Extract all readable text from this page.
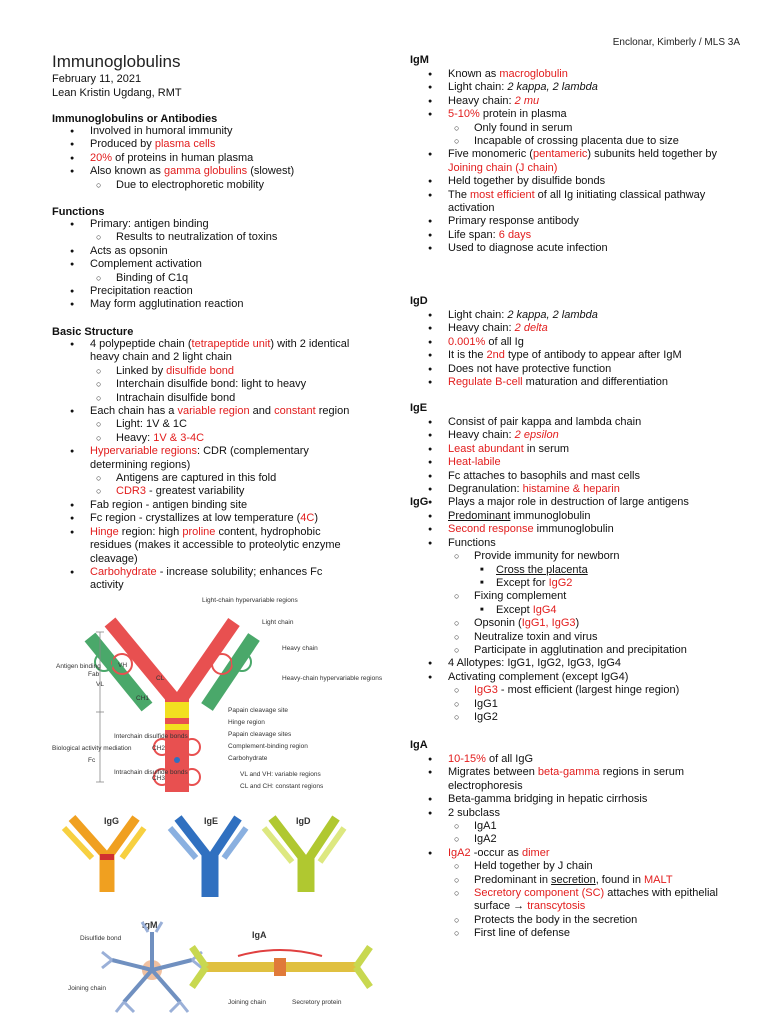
Enclonar, Kimberly / MLS 3A
Immunoglobulins
February 11, 2021
Lean Kristin Ugdang, RMT
Immunoglobulins or Antibodies
● Involved in humoral immunity
● Produced by plasma cells
● 20% of proteins in human plasma
● Also known as gamma globulins (slowest)
○ Due to electrophoretic mobility
Functions
● Primary: antigen binding
○ Results to neutralization of toxins
● Acts as opsonin
● Complement activation
○ Binding of C1q
● Precipitation reaction
● May form agglutination reaction
Basic Structure
● 4 polypeptide chain (tetrapeptide unit) with 2 identical heavy chain and 2 light chain
○ Linked by disulfide bond
○ Interchain disulfide bond: light to heavy
○ Intrachain disulfide bond
● Each chain has a variable region and constant region
○ Light: 1V & 1C
○ Heavy: 1V & 3-4C
● Hypervariable regions: CDR (complementary determining regions)
○ Antigens are captured in this fold
○ CDR3 - greatest variability
● Fab region - antigen binding site
● Fc region - crystallizes at low temperature (4C)
● Hinge region: high proline content, hydrophobic residues (makes it accessible to proteolytic enzyme cleavage)
● Carbohydrate - increase solubility; enhances Fc activity
VH
VL
CL
CH1
CH2
CH3
Antigen binding
Fab
Fc
Biological activity mediation
Interchain disulfide bonds
Intrachain disulfide bonds
Light-chain hypervariable regions
Light chain
Heavy chain
Heavy-chain hypervariable regions
Papain cleavage site
Hinge region
Papain cleavage sites
Complement-binding region
Carbohydrate
VL and VH: variable regions
CL and CH: constant regions
IgG	IgE	IgD
IgM
Disulfide bond
Joining chain
IgA
Joining chain	Secretory protein
IgM
● Known as macroglobulin
● Light chain: 2 kappa, 2 lambda
● Heavy chain: 2 mu
● 5-10% protein in plasma
○ Only found in serum
○ Incapable of crossing placenta due to size
● Five monomeric (pentameric) subunits held together by Joining chain (J chain)
● Held together by disulfide bonds
● The most efficient of all Ig initiating classical pathway activation
● Primary response antibody
● Life span: 6 days
● Used to diagnose acute infection
IgD
● Light chain: 2 kappa, 2 lambda
● Heavy chain: 2 delta
● 0.001% of all Ig
● It is the 2nd type of antibody to appear after IgM
● Does not have protective function
● Regulate B-cell maturation and differentiation
IgE
● Consist of pair kappa and lambda chain
● Heavy chain: 2 epsilon
● Least abundant in serum
● Heat-labile
● Fc attaches to basophils and mast cells
● Degranulation: histamine & heparin
● Plays a major role in destruction of large antigens
IgG
● Predominant immunoglobulin
● Second response immunoglobulin
● Functions
○ Provide immunity for newborn
■ Cross the placenta
■ Except for IgG2
○ Fixing complement
■ Except IgG4
○ Opsonin (IgG1, IgG3)
○ Neutralize toxin and virus
○ Participate in agglutination and precipitation
● 4 Allotypes: IgG1, IgG2, IgG3, IgG4
● Activating complement (except IgG4)
○ IgG3 - most efficient (largest hinge region)
○ IgG1
○ IgG2
IgA
● 10-15% of all IgG
● Migrates between beta-gamma regions in serum electrophoresis
● Beta-gamma bridging in hepatic cirrhosis
● 2 subclass
○ IgA1
○ IgA2
● IgA2 -occur as dimer
○ Held together by J chain
○ Predominant in secretion, found in MALT
○ Secretory component (SC) attaches with epithelial surface → transcytosis
○ Protects the body in the secretion
○ First line of defense
